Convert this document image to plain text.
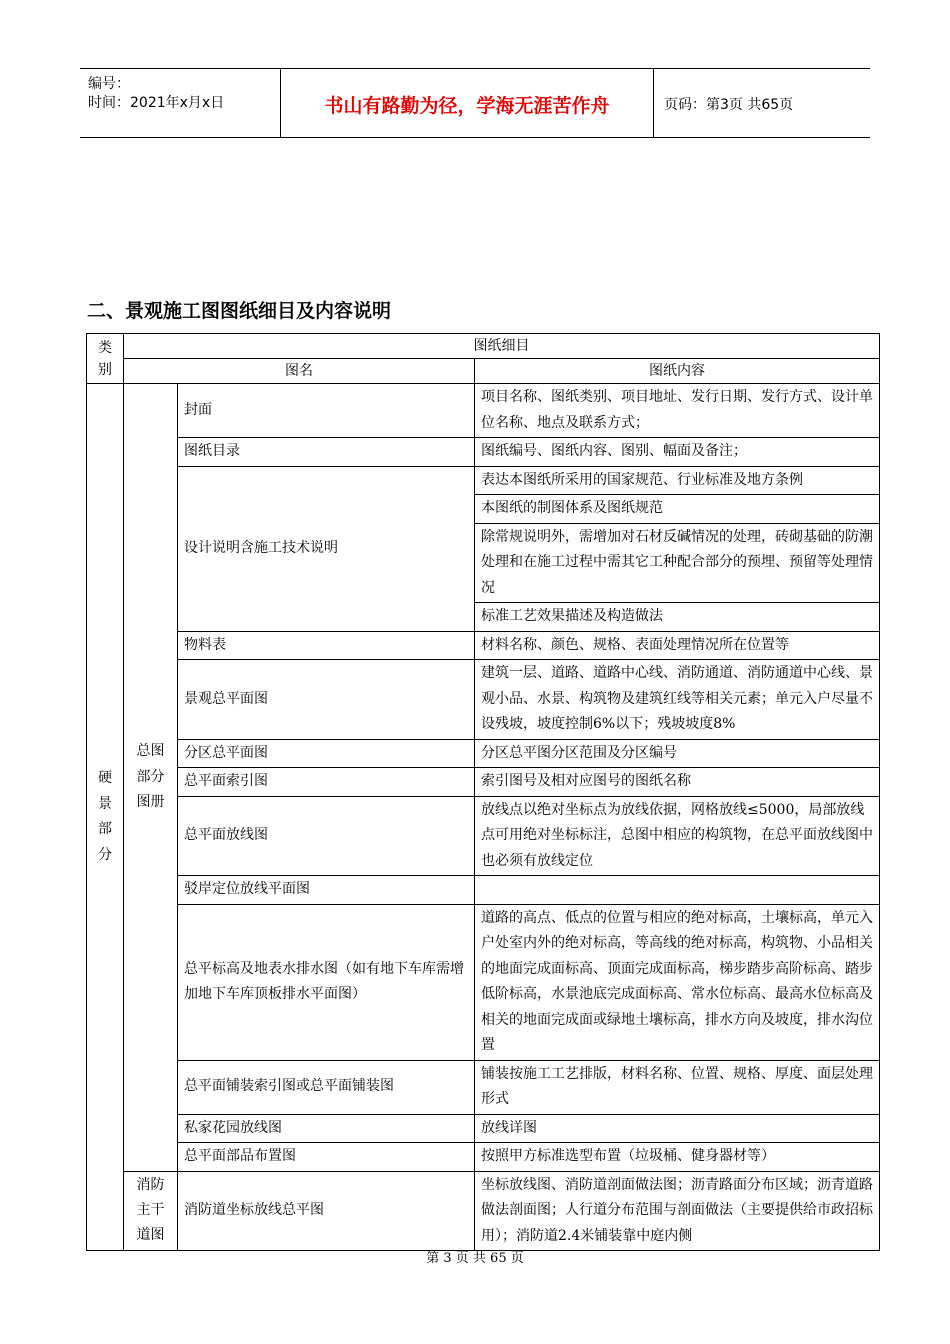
编号：
时间：2021年x月x日	书山有路勤为径，学海无涯苦作舟	页码：第3页 共65页
二、景观施工图图纸细目及内容说明
类别	图纸细目		
	图名		图纸内容
硬景部分	总图部分图册	封面	项目名称、图纸类别、项目地址、发行日期、发行方式、设计单位名称、地点及联系方式；
		图纸目录	图纸编号、图纸内容、图别、幅面及备注；
		设计说明含施工技术说明	表达本图纸所采用的国家规范、行业标准及地方条例
			本图纸的制图体系及图纸规范
			除常规说明外，需增加对石材反碱情况的处理，砖砌基础的防潮处理和在施工过程中需其它工种配合部分的预埋、预留等处理情况
			标准工艺效果描述及构造做法
		物料表	材料名称、颜色、规格、表面处理情况所在位置等
		景观总平面图	建筑一层、道路、道路中心线、消防通道、消防通道中心线、景观小品、水景、构筑物及建筑红线等相关元素；单元入户尽量不设残坡，坡度控制6%以下；残坡坡度8%
		分区总平面图	分区总平图分区范围及分区编号
		总平面索引图	索引图号及相对应图号的图纸名称
		总平面放线图	放线点以绝对坐标点为放线依据，网格放线≤5000，局部放线点可用绝对坐标标注，总图中相应的构筑物，在总平面放线图中也必须有放线定位
		驳岸定位放线平面图	
		总平标高及地表水排水图（如有地下车库需增加地下车库顶板排水平面图）	道路的高点、低点的位置与相应的绝对标高，土壤标高，单元入户处室内外的绝对标高，等高线的绝对标高，构筑物、小品相关的地面完成面标高、顶面完成面标高，梯步踏步高阶标高、踏步低阶标高，水景池底完成面标高、常水位标高、最高水位标高及相关的地面完成面或绿地土壤标高，排水方向及坡度，排水沟位置
		总平面铺装索引图或总平面铺装图	铺装按施工工艺排版，材料名称、位置、规格、厚度、面层处理形式
		私家花园放线图	放线详图
		总平面部品布置图	按照甲方标准选型布置（垃圾桶、健身器材等）
	消防主干道图	消防道坐标放线总平图	坐标放线图、消防道剖面做法图；沥青路面分布区域；沥青道路做法剖面图；人行道分布范围与剖面做法（主要提供给市政招标用）；消防道2.4米铺装靠中庭内侧
第 3 页 共 65 页
